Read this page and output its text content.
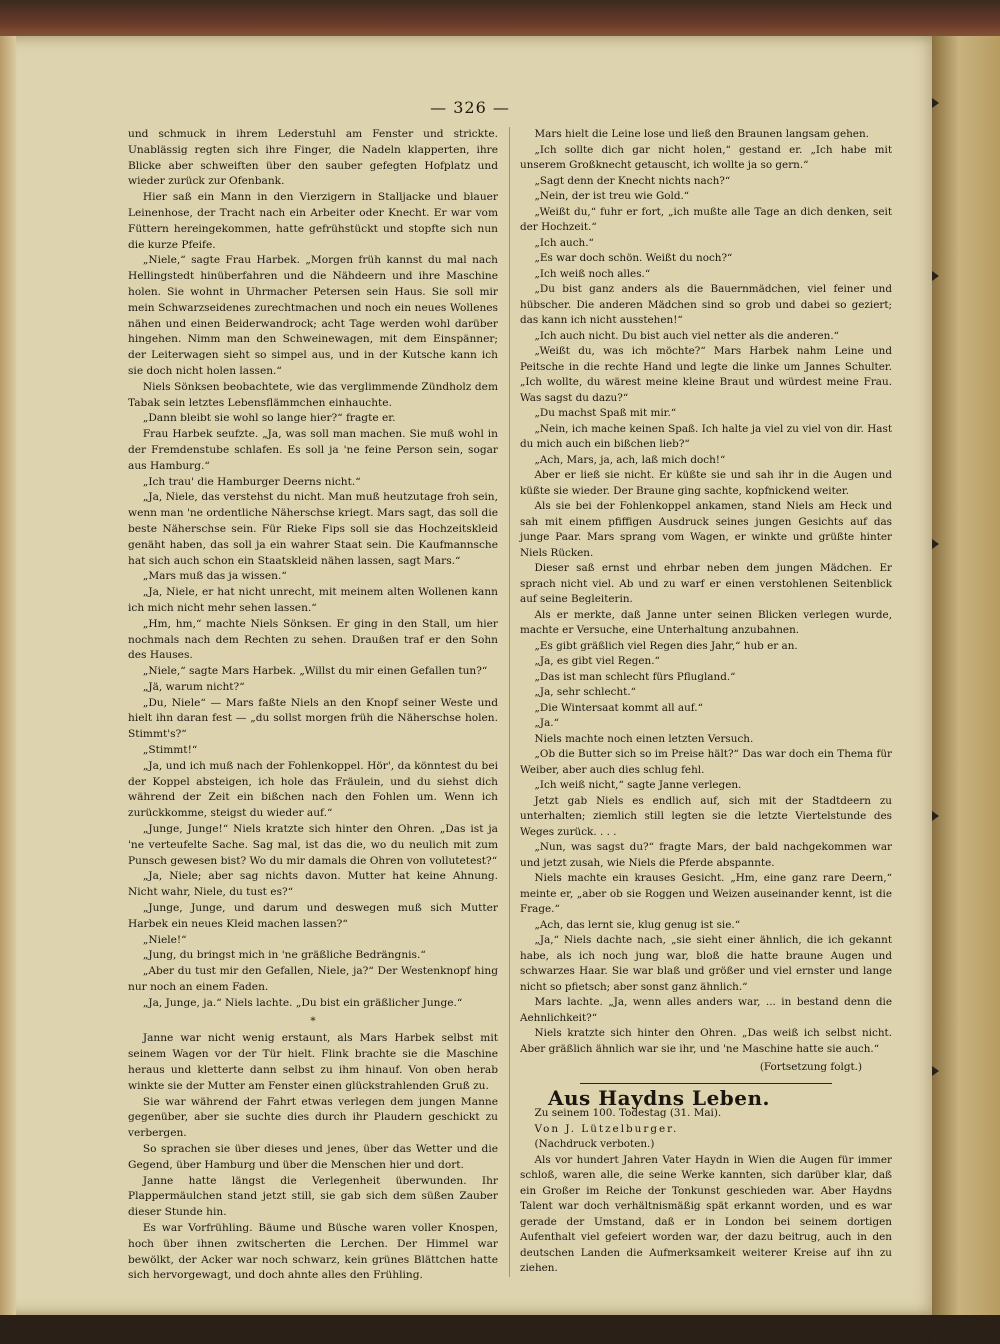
— 326 —

und schmuck in ihrem Lederstuhl am Fenster und strickte. Unablässig regten sich ihre Finger, die Nadeln klapperten, ihre Blicke aber schweiften über den sauber gefegten Hofplatz und wieder zurück zur Ofenbank.

Hier saß ein Mann in den Vierzigern in Stalljacke und blauer Leinenhose, der Tracht nach ein Arbeiter oder Knecht. Er war vom Füttern hereingekommen, hatte gefrühstückt und stopfte sich nun die kurze Pfeife.

„Niele,“ sagte Frau Harbek. „Morgen früh kannst du mal nach Hellingstedt hinüberfahren und die Nähdeern und ihre Maschine holen. Sie wohnt in Uhrmacher Petersen sein Haus. Sie soll mir mein Schwarzseidenes zurechtmachen und noch ein neues Wollenes nähen und einen Beiderwandrock; acht Tage werden wohl darüber hingehen. Nimm man den Schweinewagen, mit dem Einspänner; der Leiterwagen sieht so simpel aus, und in der Kutsche kann ich sie doch nicht holen lassen.“

Niels Sönksen beobachtete, wie das verglimmende Zündholz dem Tabak sein letztes Lebensflämmchen einhauchte.

„Dann bleibt sie wohl so lange hier?“ fragte er.

Frau Harbek seufzte. „Ja, was soll man machen. Sie muß wohl in der Fremdenstube schlafen. Es soll ja 'ne feine Person sein, sogar aus Hamburg.“

„Ich trau' die Hamburger Deerns nicht.“

„Ja, Niele, das verstehst du nicht. Man muß heutzutage froh sein, wenn man 'ne ordentliche Näherschse kriegt. Mars sagt, das soll die beste Näherschse sein. Für Rieke Fips soll sie das Hochzeitskleid genäht haben, das soll ja ein wahrer Staat sein. Die Kaufmannsche hat sich auch schon ein Staatskleid nähen lassen, sagt Mars.“

„Mars muß das ja wissen.“

„Ja, Niele, er hat nicht unrecht, mit meinem alten Wollenen kann ich mich nicht mehr sehen lassen.“

„Hm, hm,“ machte Niels Sönksen. Er ging in den Stall, um hier nochmals nach dem Rechten zu sehen. Draußen traf er den Sohn des Hauses.

„Niele,“ sagte Mars Harbek. „Willst du mir einen Gefallen tun?“

„Jä, warum nicht?“

„Du, Niele“ — Mars faßte Niels an den Knopf seiner Weste und hielt ihn daran fest — „du sollst morgen früh die Näherschse holen. Stimmt's?“

„Stimmt!“

„Ja, und ich muß nach der Fohlenkoppel. Hör', da könntest du bei der Koppel absteigen, ich hole das Fräulein, und du siehst dich während der Zeit ein bißchen nach den Fohlen um. Wenn ich zurückkomme, steigst du wieder auf.“

„Junge, Junge!“ Niels kratzte sich hinter den Ohren. „Das ist ja 'ne verteufelte Sache. Sag mal, ist das die, wo du neulich mit zum Punsch gewesen bist? Wo du mir damals die Ohren von vollutetest?“

„Ja, Niele; aber sag nichts davon. Mutter hat keine Ahnung. Nicht wahr, Niele, du tust es?“

„Junge, Junge, und darum und deswegen muß sich Mutter Harbek ein neues Kleid machen lassen?“

„Niele!“

„Jung, du bringst mich in 'ne gräßliche Bedrängnis.“

„Aber du tust mir den Gefallen, Niele, ja?“ Der Westenknopf hing nur noch an einem Faden.

„Ja, Junge, ja.“ Niels lachte. „Du bist ein gräßlicher Junge.“

*

Janne war nicht wenig erstaunt, als Mars Harbek selbst mit seinem Wagen vor der Tür hielt. Flink brachte sie die Maschine heraus und kletterte dann selbst zu ihm hinauf. Von oben herab winkte sie der Mutter am Fenster einen glückstrahlenden Gruß zu.

Sie war während der Fahrt etwas verlegen dem jungen Manne gegenüber, aber sie suchte dies durch ihr Plaudern geschickt zu verbergen.

So sprachen sie über dieses und jenes, über das Wetter und die Gegend, über Hamburg und über die Menschen hier und dort.

Janne hatte längst die Verlegenheit überwunden. Ihr Plappermäulchen stand jetzt still, sie gab sich dem süßen Zauber dieser Stunde hin.

Es war Vorfrühling. Bäume und Büsche waren voller Knospen, hoch über ihnen zwitscherten die Lerchen. Der Himmel war bewölkt, der Acker war noch schwarz, kein grünes Blättchen hatte sich hervorgewagt, und doch ahnte alles den Frühling.

Mars hielt die Leine lose und ließ den Braunen langsam gehen.

„Ich sollte dich gar nicht holen,“ gestand er. „Ich habe mit unserem Großknecht getauscht, ich wollte ja so gern.“

„Sagt denn der Knecht nichts nach?“

„Nein, der ist treu wie Gold.“

„Weißt du,“ fuhr er fort, „ich mußte alle Tage an dich denken, seit der Hochzeit.“

„Ich auch.“

„Es war doch schön. Weißt du noch?“

„Ich weiß noch alles.“

„Du bist ganz anders als die Bauernmädchen, viel feiner und hübscher. Die anderen Mädchen sind so grob und dabei so geziert; das kann ich nicht ausstehen!“

„Ich auch nicht. Du bist auch viel netter als die anderen.“

„Weißt du, was ich möchte?“ Mars Harbek nahm Leine und Peitsche in die rechte Hand und legte die linke um Jannes Schulter. „Ich wollte, du wärest meine kleine Braut und würdest meine Frau. Was sagst du dazu?“

„Du machst Spaß mit mir.“

„Nein, ich mache keinen Spaß. Ich halte ja viel zu viel von dir. Hast du mich auch ein bißchen lieb?“

„Ach, Mars, ja, ach, laß mich doch!“

Aber er ließ sie nicht. Er küßte sie und sah ihr in die Augen und küßte sie wieder. Der Braune ging sachte, kopfnickend weiter.

Als sie bei der Fohlenkoppel ankamen, stand Niels am Heck und sah mit einem pfiffigen Ausdruck seines jungen Gesichts auf das junge Paar. Mars sprang vom Wagen, er winkte und grüßte hinter Niels Rücken.

Dieser saß ernst und ehrbar neben dem jungen Mädchen. Er sprach nicht viel. Ab und zu warf er einen verstohlenen Seitenblick auf seine Begleiterin.

Als er merkte, daß Janne unter seinen Blicken verlegen wurde, machte er Versuche, eine Unterhaltung anzubahnen.

„Es gibt gräßlich viel Regen dies Jahr,“ hub er an.

„Ja, es gibt viel Regen.“

„Das ist man schlecht fürs Pflugland.“

„Ja, sehr schlecht.“

„Die Wintersaat kommt all auf.“

„Ja.“

Niels machte noch einen letzten Versuch.

„Ob die Butter sich so im Preise hält?“ Das war doch ein Thema für Weiber, aber auch dies schlug fehl.

„Ich weiß nicht,“ sagte Janne verlegen.

Jetzt gab Niels es endlich auf, sich mit der Stadtdeern zu unterhalten; ziemlich still legten sie die letzte Viertelstunde des Weges zurück. . . .

„Nun, was sagst du?“ fragte Mars, der bald nachgekommen war und jetzt zusah, wie Niels die Pferde abspannte.

Niels machte ein krauses Gesicht. „Hm, eine ganz rare Deern,“ meinte er, „aber ob sie Roggen und Weizen auseinander kennt, ist die Frage.“

„Ach, das lernt sie, klug genug ist sie.“

„Ja,“ Niels dachte nach, „sie sieht einer ähnlich, die ich gekannt habe, als ich noch jung war, bloß die hatte braune Augen und schwarzes Haar. Sie war blaß und größer und viel ernster und lange nicht so pfietsch; aber sonst ganz ähnlich.“

Mars lachte. „Ja, wenn alles anders war, ... in bestand denn die Aehnlichkeit?“

Niels kratzte sich hinter den Ohren. „Das weiß ich selbst nicht. Aber gräßlich ähnlich war sie ihr, und 'ne Maschine hatte sie auch.“

(Fortsetzung folgt.)

Aus Haydns Leben.

Zu seinem 100. Todestag (31. Mai).

Von J. Lützelburger.

(Nachdruck verboten.)

Als vor hundert Jahren Vater Haydn in Wien die Augen für immer schloß, waren alle, die seine Werke kannten, sich darüber klar, daß ein Großer im Reiche der Tonkunst geschieden war. Aber Haydns Talent war doch verhältnismäßig spät erkannt worden, und es war gerade der Umstand, daß er in London bei seinem dortigen Aufenthalt viel gefeiert worden war, der dazu beitrug, auch in den deutschen Landen die Aufmerksamkeit weiterer Kreise auf ihn zu ziehen.
